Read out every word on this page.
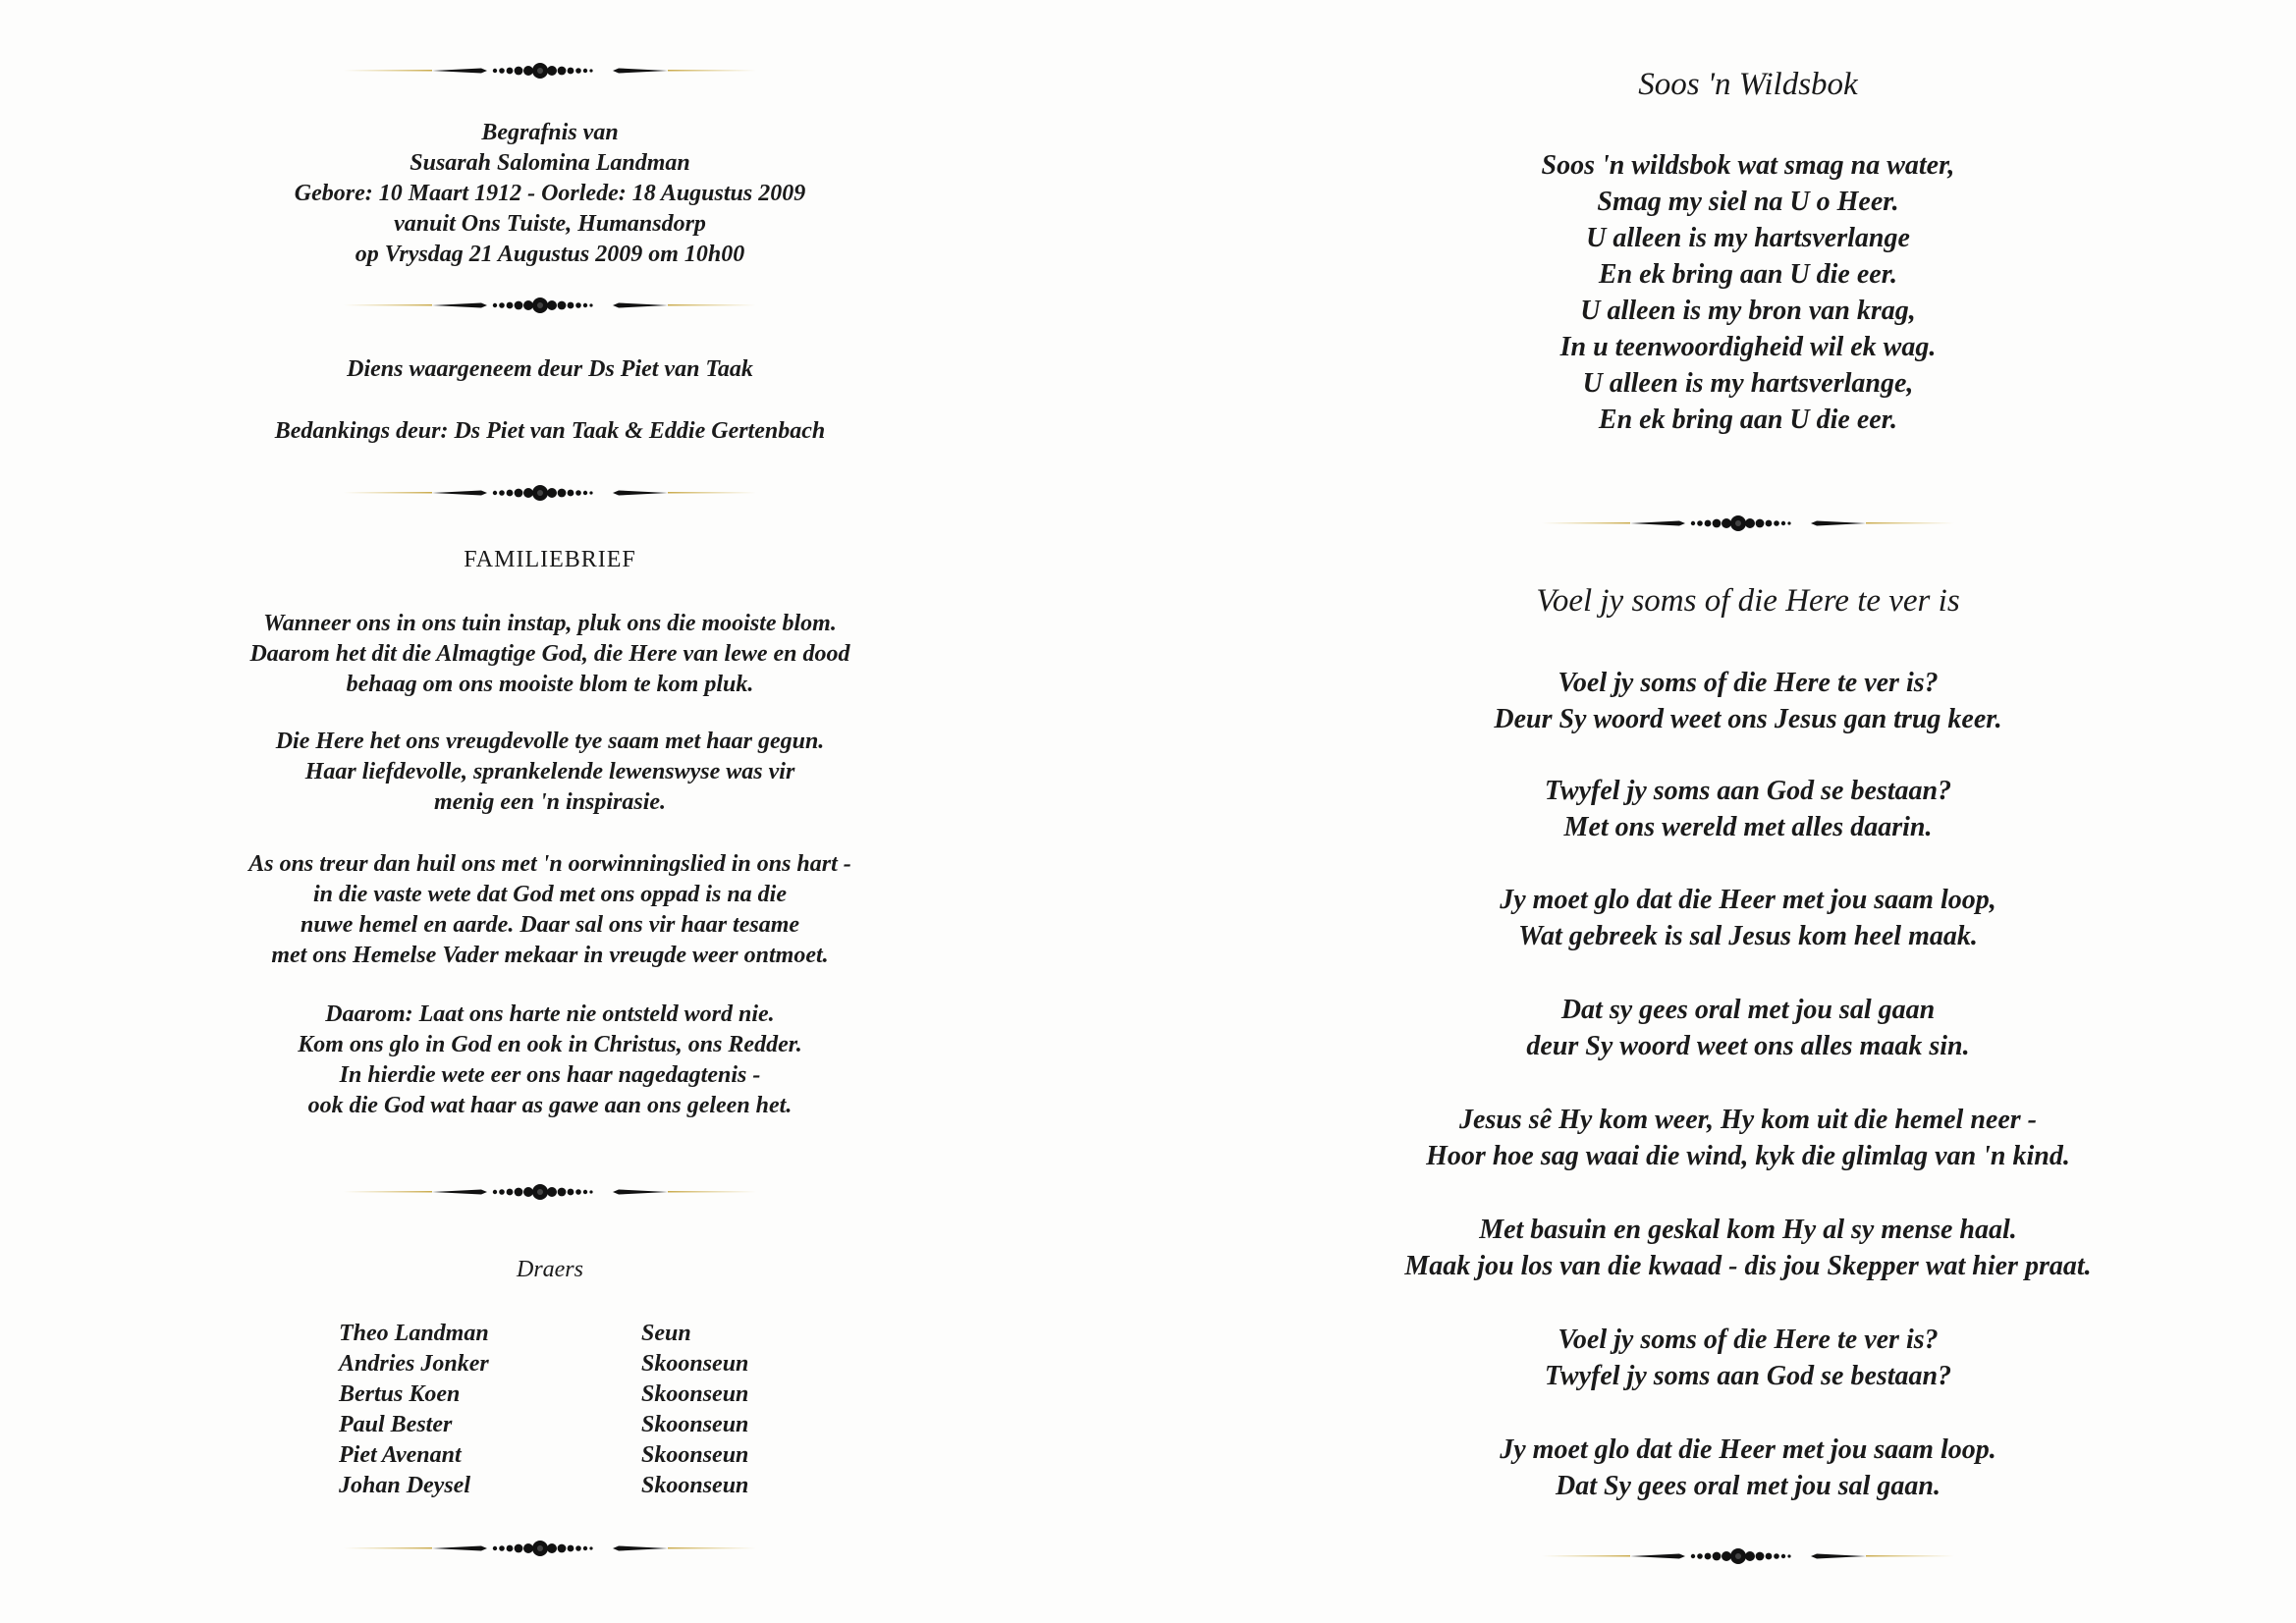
Begrafnis van
Susarah Salomina Landman
Gebore: 10 Maart 1912 - Oorlede: 18 Augustus 2009
vanuit Ons Tuiste, Humansdorp
op Vrysdag 21 Augustus 2009 om 10h00
Diens waargeneem deur Ds Piet van Taak
Bedankings deur: Ds Piet van Taak & Eddie Gertenbach
FAMILIEBRIEF
Wanneer ons in ons tuin instap, pluk ons die mooiste blom.
Daarom het dit die Almagtige God, die Here van lewe en dood
behaag om ons mooiste blom te kom pluk.
Die Here het ons vreugdevolle tye saam met haar gegun.
Haar liefdevolle, sprankelende lewenswyse was vir
menig een 'n inspirasie.
As ons treur dan huil ons met 'n oorwinningslied in ons hart -
in die vaste wete dat God met ons oppad is na die
nuwe hemel en aarde. Daar sal ons vir haar tesame
met ons Hemelse Vader mekaar in vreugde weer ontmoet.
Daarom: Laat ons harte nie ontsteld word nie.
Kom ons glo in God en ook in Christus, ons Redder.
In hierdie wete eer ons haar nagedagtenis -
ook die God wat haar as gawe aan ons geleen het.
Draers
Theo Landman	Seun
Andries Jonker	Skoonseun
Bertus Koen	Skoonseun
Paul Bester	Skoonseun
Piet Avenant	Skoonseun
Johan Deysel	Skoonseun
Soos 'n Wildsbok
Soos 'n wildsbok wat smag na water,
Smag my siel na U o Heer.
U alleen is my hartsverlange
En ek bring aan U die eer.
U alleen is my bron van krag,
In u teenwoordigheid wil ek wag.
U alleen is my hartsverlange,
En ek bring aan U die eer.
Voel jy soms of die Here te ver is
Voel jy soms of die Here te ver is?
Deur Sy woord weet ons Jesus gan trug keer.
Twyfel jy soms aan God se bestaan?
Met ons wereld met alles daarin.
Jy moet glo dat die Heer met jou saam loop,
Wat gebreek is sal Jesus kom heel maak.
Dat sy gees oral met jou sal gaan
deur Sy woord weet ons alles maak sin.
Jesus sê Hy kom weer, Hy kom uit die hemel neer -
Hoor hoe sag waai die wind, kyk die glimlag van 'n kind.
Met basuin en geskal kom Hy al sy mense haal.
Maak jou los van die kwaad - dis jou Skepper wat hier praat.
Voel jy soms of die Here te ver is?
Twyfel jy soms aan God se bestaan?
Jy moet glo dat die Heer met jou saam loop.
Dat Sy gees oral met jou sal gaan.
